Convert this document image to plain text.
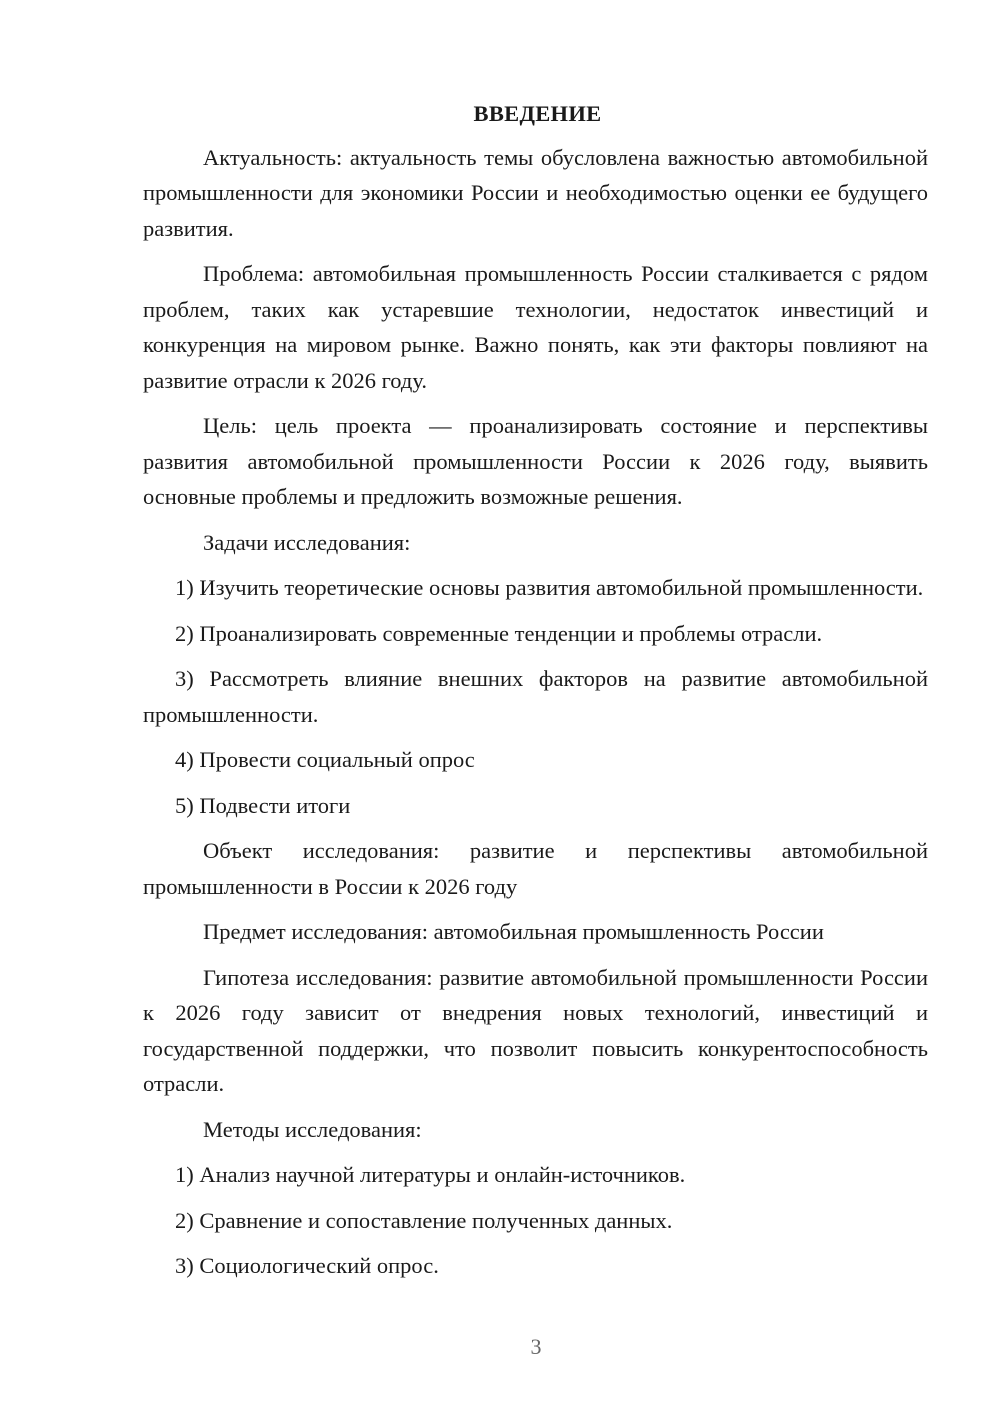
ВВЕДЕНИЕ

Актуальность: актуальность темы обусловлена важностью автомобильной промышленности для экономики России и необходимостью оценки ее будущего развития.

Проблема: автомобильная промышленность России сталкивается с рядом проблем, таких как устаревшие технологии, недостаток инвестиций и конкуренция на мировом рынке. Важно понять, как эти факторы повлияют на развитие отрасли к 2026 году.

Цель: цель проекта — проанализировать состояние и перспективы развития автомобильной промышленности России к 2026 году, выявить основные проблемы и предложить возможные решения.

Задачи исследования:

1) Изучить теоретические основы развития автомобильной промышленности.

2) Проанализировать современные тенденции и проблемы отрасли.

3) Рассмотреть влияние внешних факторов на развитие автомобильной промышленности.

4) Провести социальный опрос

5) Подвести итоги

Объект исследования: развитие и перспективы автомобильной промышленности в России к 2026 году

Предмет исследования: автомобильная промышленность России

Гипотеза исследования: развитие автомобильной промышленности России к 2026 году зависит от внедрения новых технологий, инвестиций и государственной поддержки, что позволит повысить конкурентоспособность отрасли.

Методы исследования:

1) Анализ научной литературы и онлайн-источников.

2) Сравнение и сопоставление полученных данных.

3) Социологический опрос.

3
